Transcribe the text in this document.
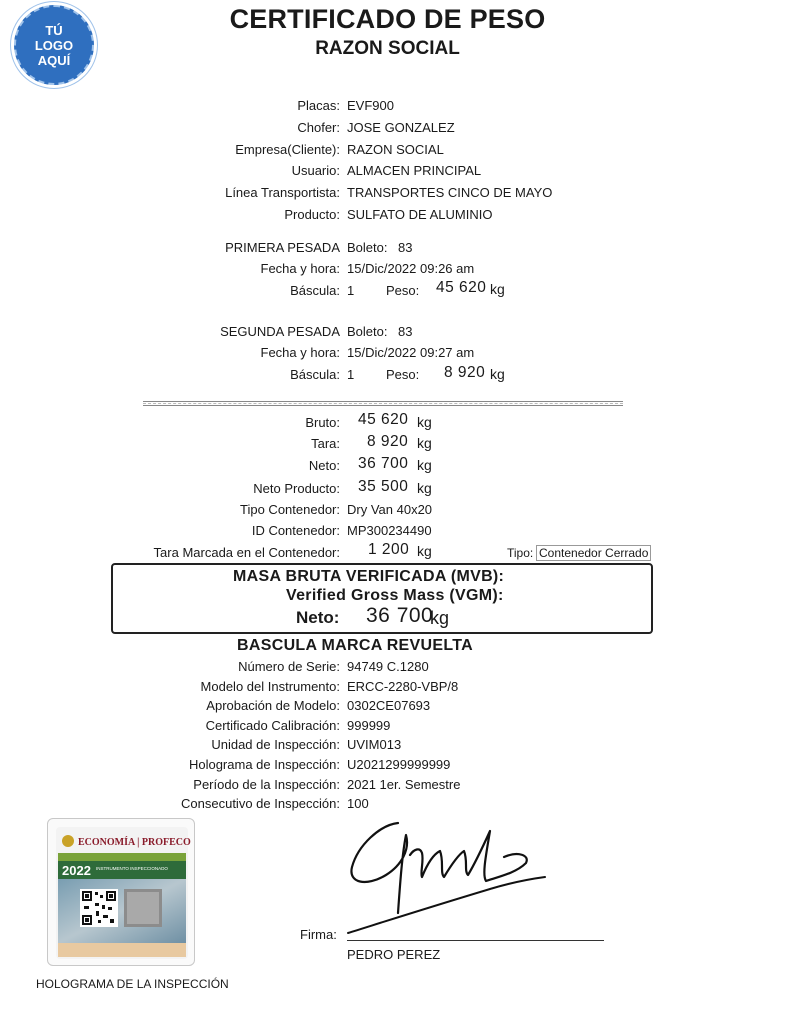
TÚ
LOGO
AQUÍ
CERTIFICADO DE PESO
RAZON SOCIAL
Placas: EVF900
Chofer: JOSE GONZALEZ
Empresa(Cliente): RAZON SOCIAL
Usuario: ALMACEN PRINCIPAL
Línea Transportista: TRANSPORTES CINCO DE MAYO
Producto: SULFATO DE ALUMINIO
PRIMERA PESADA Boleto: 83
Fecha y hora: 15/Dic/2022 09:26 am
Báscula: 1 Peso: 45 620 kg
SEGUNDA PESADA Boleto: 83
Fecha y hora: 15/Dic/2022 09:27 am
Báscula: 1 Peso: 8 920 kg
Bruto: 45 620 kg
Tara: 8 920 kg
Neto: 36 700 kg
Neto Producto: 35 500 kg
Tipo Contenedor: Dry Van 40x20
ID Contenedor: MP300234490
Tara Marcada en el Contenedor: 1 200 kg	Tipo: Contenedor Cerrado
MASA BRUTA VERIFICADA (MVB):
Verified Gross Mass (VGM):
Neto: 36 700
kg
BASCULA MARCA REVUELTA
Número de Serie: 94749 C.1280
Modelo del Instrumento: ERCC-2280-VBP/8
Aprobación de Modelo: 0302CE07693
Certificado Calibración: 999999
Unidad de Inspección: UVIM013
Holograma de Inspección: U2021299999999
Período de la Inspección: 2021 1er. Semestre
Consecutivo de Inspección: 100
ECONOMÍA | PROFECO
2022 INSTRUMENTO INSPECCIONADO
HOLOGRAMA DE LA INSPECCIÓN
Firma:
PEDRO PEREZ
